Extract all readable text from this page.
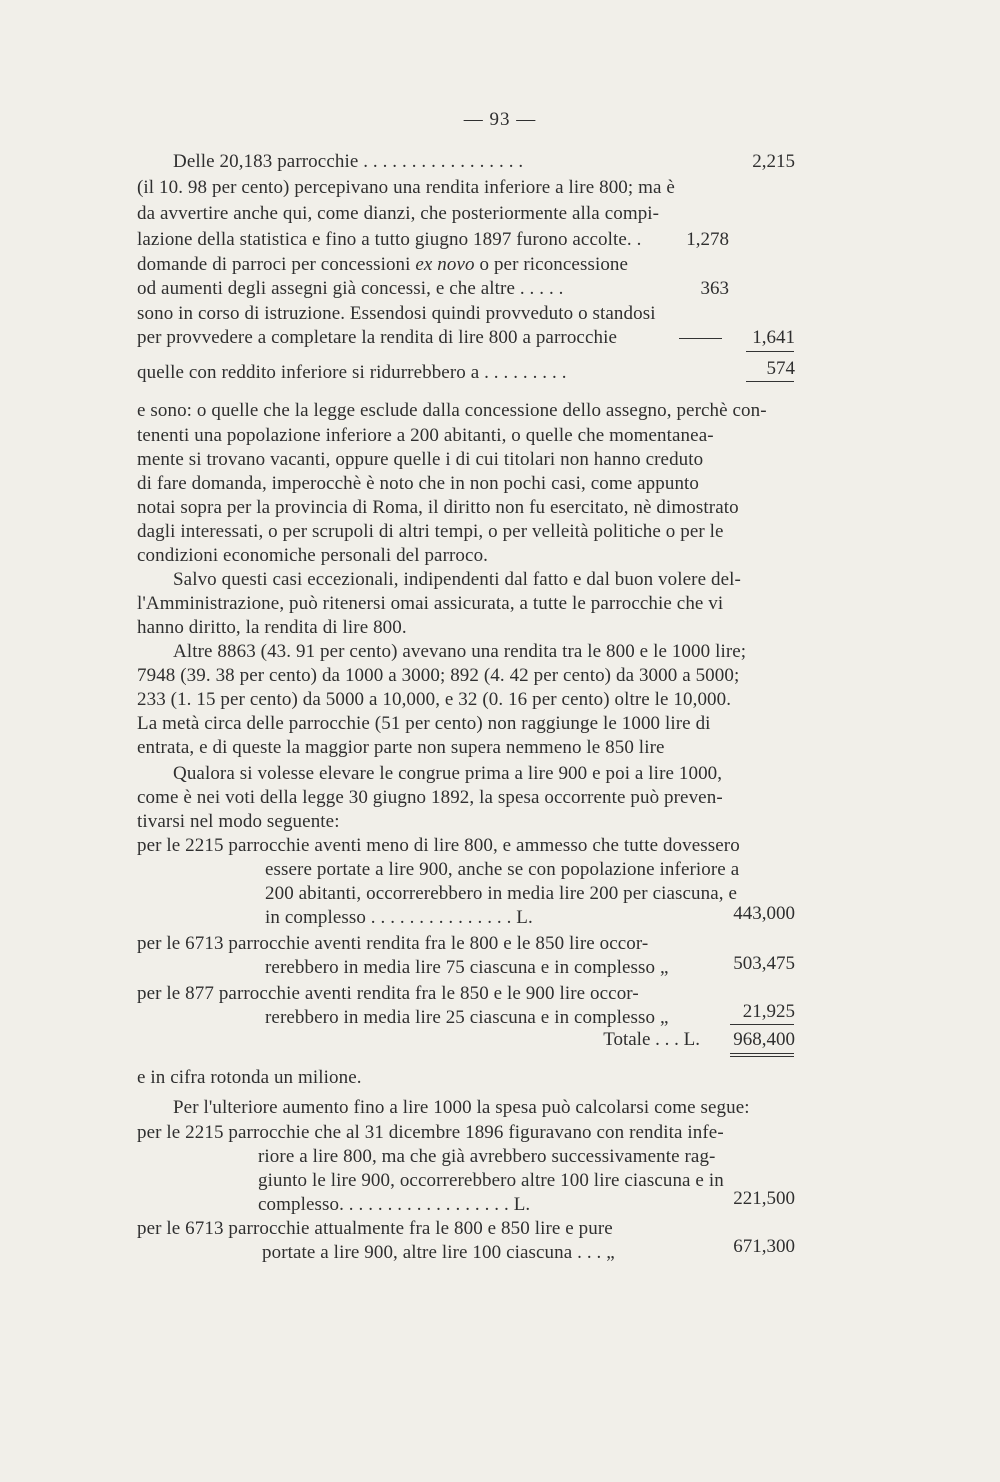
— 93 —
Delle 20,183 parrocchie . . . . . . . . . . . . . . . . .	2,215
(il 10. 98 per cento) percepivano una rendita inferiore a lire 800; ma è
da avvertire anche qui, come dianzi, che posteriormente alla compi-
lazione della statistica e fino a tutto giugno 1897 furono accolte. . 1,278
domande di parroci per concessioni ex novo o per riconcessione
od aumenti degli assegni già concessi, e che altre . . . . .	363
sono in corso di istruzione. Essendosi quindi provveduto o standosi
per provvedere a completare la rendita di lire 800 a parrocchie	1,641
quelle con reddito inferiore si ridurrebbero a . . . . . . . . .	574
e sono: o quelle che la legge esclude dalla concessione dello assegno, perchè con-
tenenti una popolazione inferiore a 200 abitanti, o quelle che momentanea-
mente si trovano vacanti, oppure quelle i di cui titolari non hanno creduto
di fare domanda, imperocchè è noto che in non pochi casi, come appunto
notai sopra per la provincia di Roma, il diritto non fu esercitato, nè dimostrato
dagli interessati, o per scrupoli di altri tempi, o per velleità politiche o per le
condizioni economiche personali del parroco.
Salvo questi casi eccezionali, indipendenti dal fatto e dal buon volere del-
l'Amministrazione, può ritenersi omai assicurata, a tutte le parrocchie che vi
hanno diritto, la rendita di lire 800.
Altre 8863 (43. 91 per cento) avevano una rendita tra le 800 e le 1000 lire;
7948 (39. 38 per cento) da 1000 a 3000; 892 (4. 42 per cento) da 3000 a 5000;
233 (1. 15 per cento) da 5000 a 10,000, e 32 (0. 16 per cento) oltre le 10,000.
La metà circa delle parrocchie (51 per cento) non raggiunge le 1000 lire di
entrata, e di queste la maggior parte non supera nemmeno le 850 lire
Qualora si volesse elevare le congrue prima a lire 900 e poi a lire 1000,
come è nei voti della legge 30 giugno 1892, la spesa occorrente può preven-
tivarsi nel modo seguente:
per le 2215 parrocchie aventi meno di lire 800, e ammesso che tutte dovessero
essere portate a lire 900, anche se con popolazione inferiore a
200 abitanti, occorrerebbero in media lire 200 per ciascuna, e
in complesso . . . . . . . . . . . . . . . L.	443,000
per le 6713 parrocchie aventi rendita fra le 800 e le 850 lire occor-
rerebbero in media lire 75 ciascuna e in complesso „	503,475
per le 877 parrocchie aventi rendita fra le 850 e le 900 lire occor-
rerebbero in media lire 25 ciascuna e in complesso „	21,925
Totale . . . L. 968,400
e in cifra rotonda un milione.
Per l'ulteriore aumento fino a lire 1000 la spesa può calcolarsi come segue:
per le 2215 parrocchie che al 31 dicembre 1896 figuravano con rendita infe-
riore a lire 800, ma che già avrebbero successivamente rag-
giunto le lire 900, occorrerebbero altre 100 lire ciascuna e in
complesso. . . . . . . . . . . . . . . . . . L.	221,500
per le 6713 parrocchie attualmente fra le 800 e 850 lire e pure
portate a lire 900, altre lire 100 ciascuna . . . „	671,300
